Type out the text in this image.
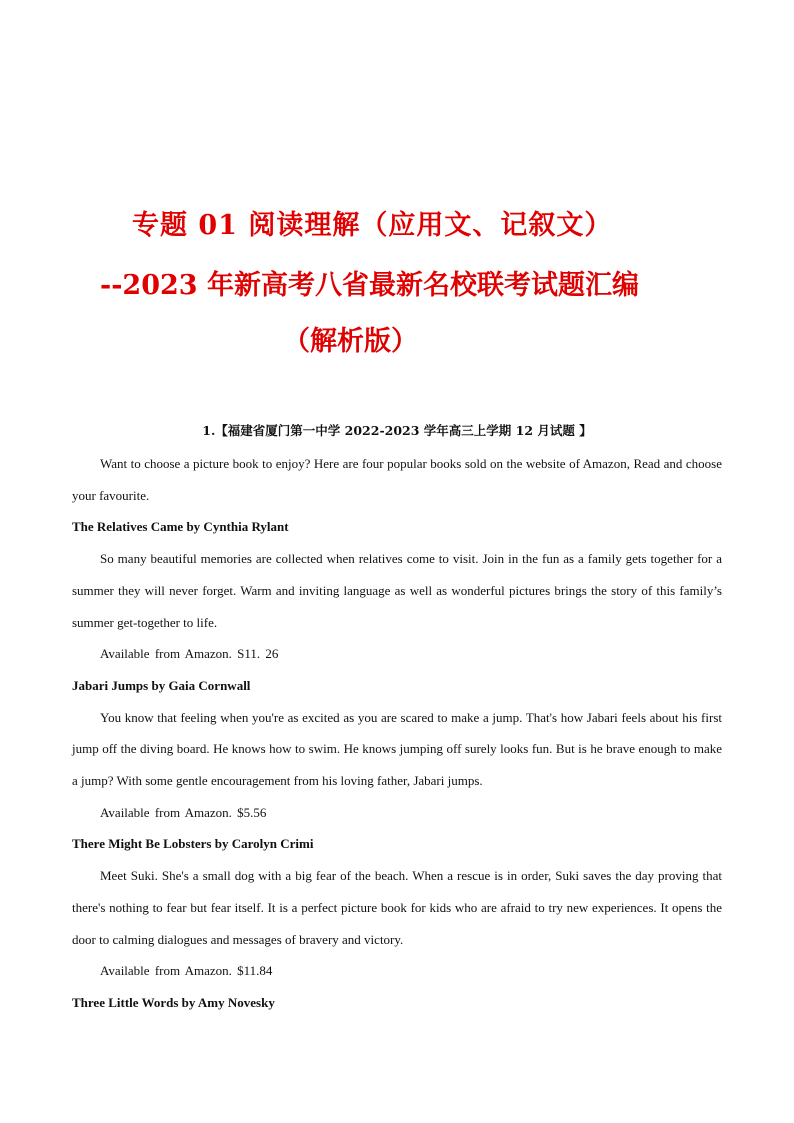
专题 01 阅读理解（应用文、记叙文）
--2023 年新高考八省最新名校联考试题汇编
（解析版）
1.【福建省厦门第一中学 2022-2023 学年高三上学期 12 月试题 】

Want to choose a picture book to enjoy? Here are four popular books sold on the website of Amazon, Read and choose your favourite.

The Relatives Came by Cynthia Rylant

So many beautiful memories are collected when relatives come to visit. Join in the fun as a family gets together for a summer they will never forget. Warm and inviting language as well as wonderful pictures brings the story of this family’s summer get-together to life.

Available from Amazon. S11. 26

Jabari Jumps by Gaia Cornwall

You know that feeling when you're as excited as you are scared to make a jump. That's how Jabari feels about his first jump off the diving board. He knows how to swim. He knows jumping off surely looks fun. But is he brave enough to make a jump? With some gentle encouragement from his loving father, Jabari jumps.

Available from Amazon. $5.56

There Might Be Lobsters by Carolyn Crimi

Meet Suki. She's a small dog with a big fear of the beach. When a rescue is in order, Suki saves the day proving that there's nothing to fear but fear itself. It is a perfect picture book for kids who are afraid to try new experiences. It opens the door to calming dialogues and messages of bravery and victory.

Available from Amazon. $11.84

Three Little Words by Amy Novesky
